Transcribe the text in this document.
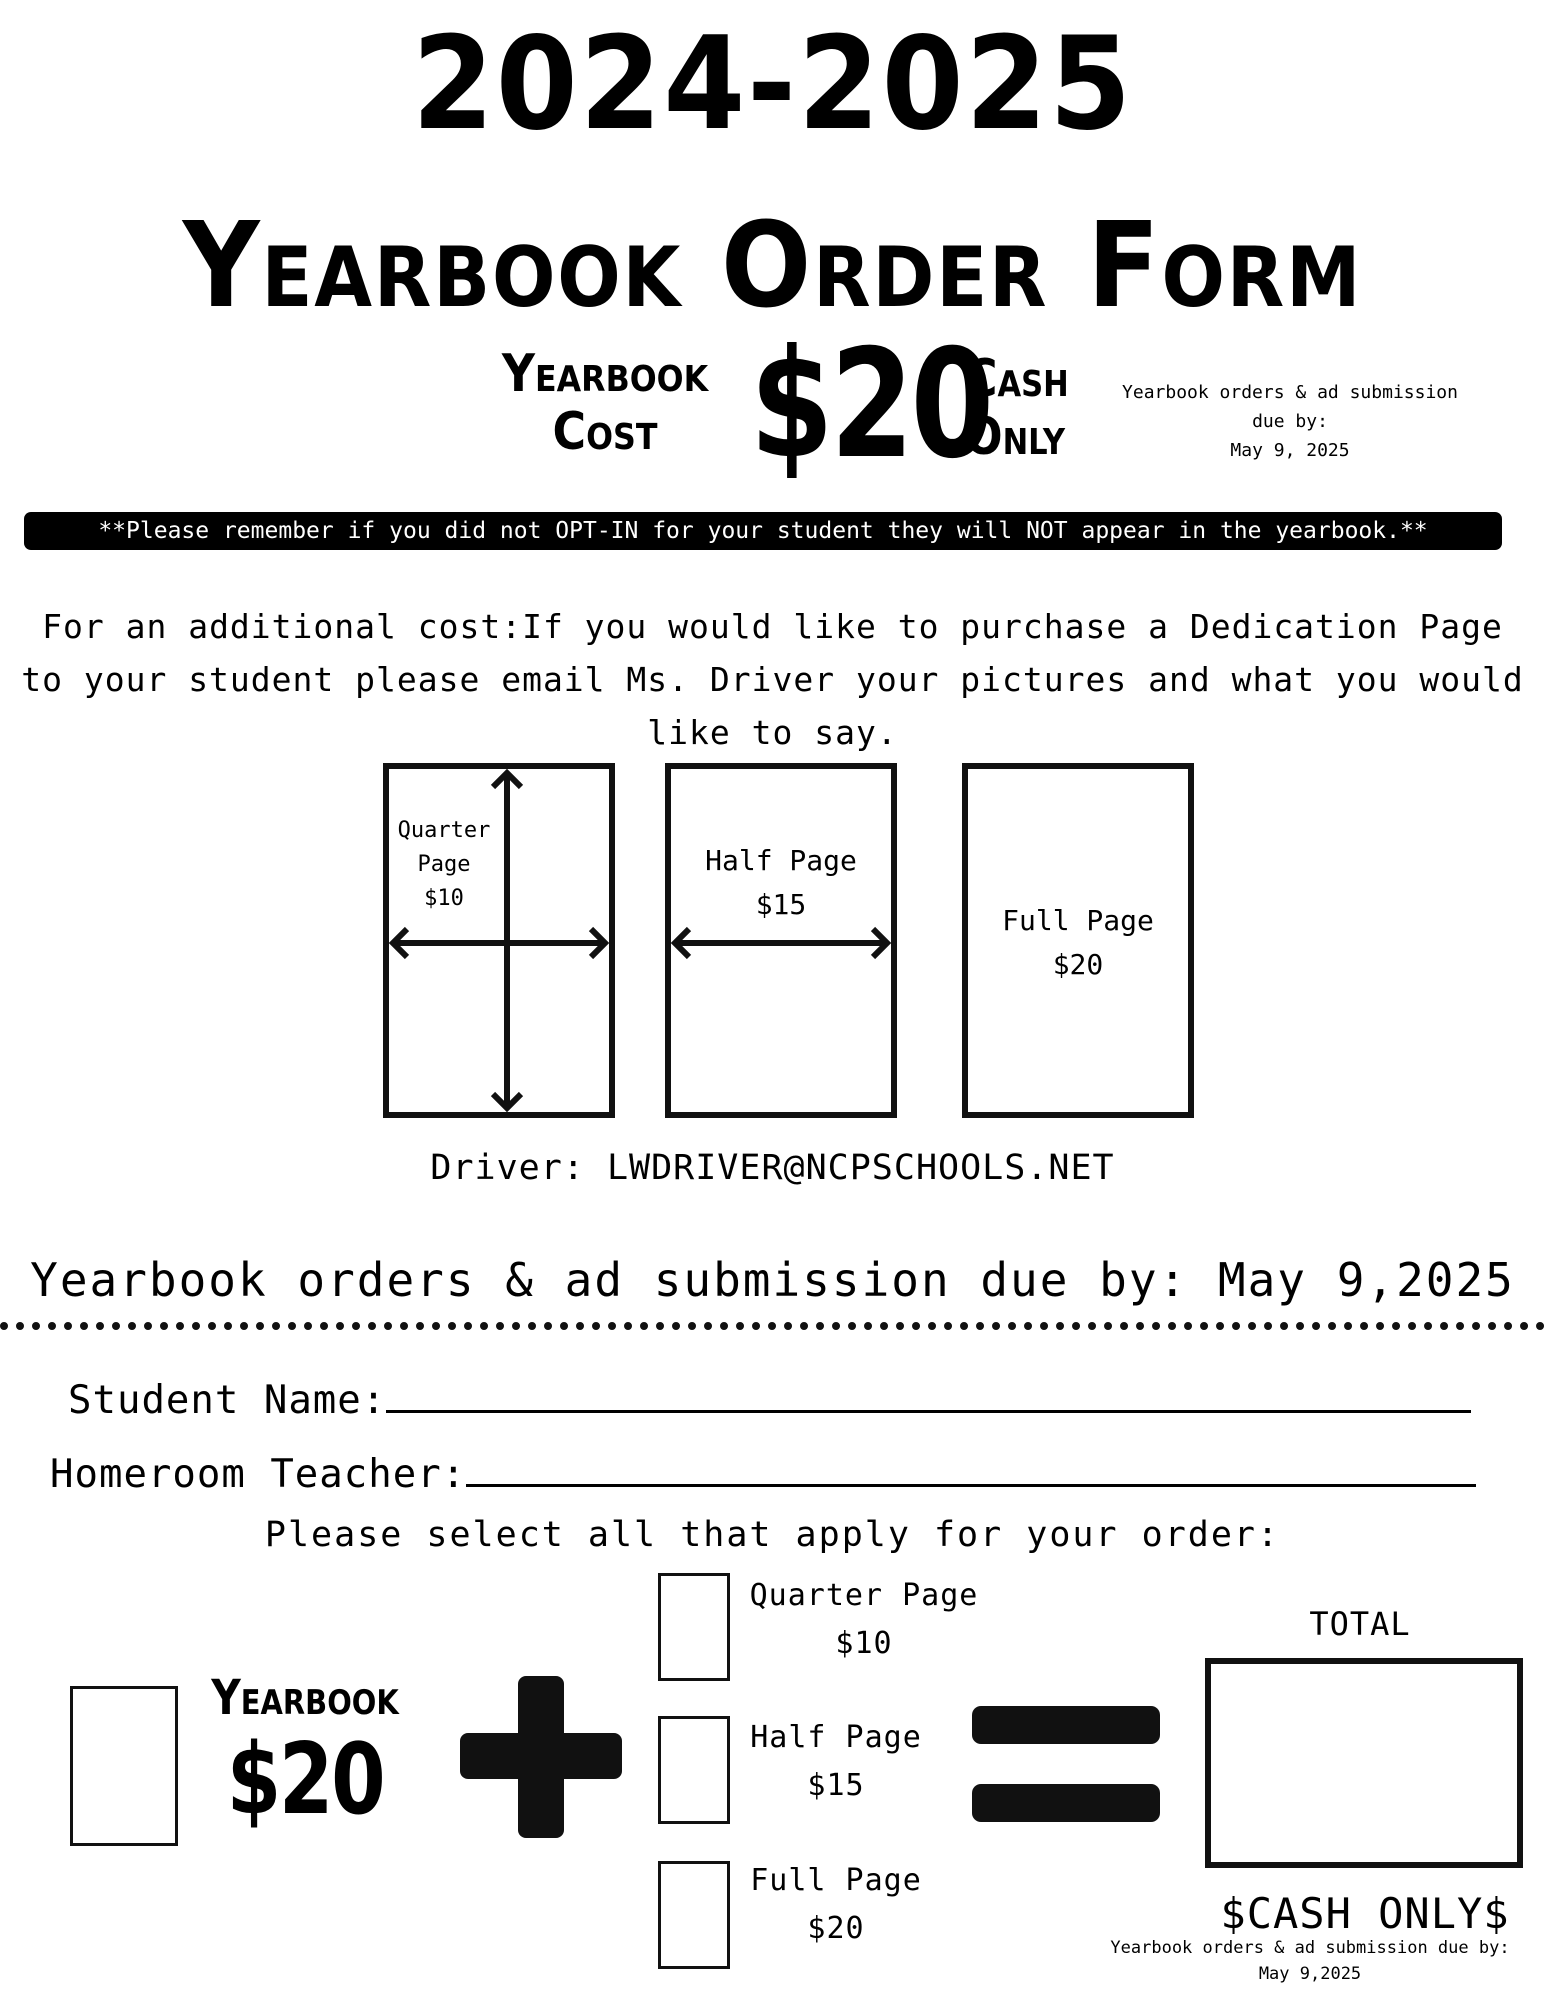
2024-2025
Yearbook Order Form
Yearbook
Cost $20
Cash
Only
Yearbook orders & ad submission
due by:
May 9, 2025
**Please remember if you did not OPT-IN for your student they will NOT appear in the yearbook.**
For an additional cost:If you would like to purchase a Dedication Page
to your student please email Ms. Driver your pictures and what you would
like to say.
Quarter
Page
$10
Half Page
$15	Full Page
$20
Driver: LWDRIVER@NCPSCHOOLS.NET
Yearbook orders & ad submission due by: May 9,2025
Student Name:
Homeroom Teacher:
Please select all that apply for your order:
Yearbook
$20
Quarter Page
$10
Half Page
$15
Full Page
$20
TOTAL
$CASH ONLY$
Yearbook orders & ad submission due by:
May 9,2025
